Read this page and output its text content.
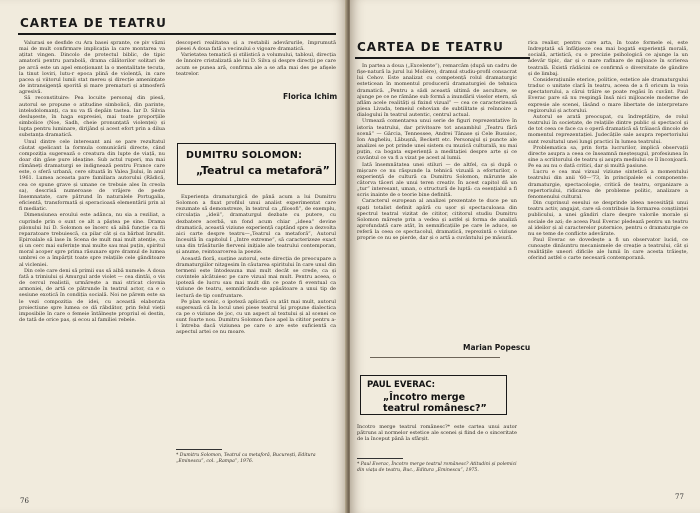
CARTEA DE TEATRU

Valurasi se desfide cu Ara basei sprante, ce piv văzni mai de mult confirmare implicația la care montarea va ațitat vingen. Dincolo de protectul biblic, de tipic amatorii pentru parabolă, drama călătorilor solitari de pe arcă este un apel emoționant la o mentalitate tecuta, la tinut loviri, lutu-r epoca plină de violență, in care pacea și viitorul lumii stat mereu și direcție amenințate de intransigență sporită și mare prematuri și atmosferă agresivă.

Să reconstituire: Pea locuite personaj din piesă, autorul se propune o atitudine simbolică, din parinte, intelsdolomanți, ca nu va fă depăin tastea. Iar D. Silvia deslușeste, în haga expresiei, mai toate proporțiile simbolice (Noe, Sadh, cheie pronunțată violenței) și lupta pentru luminare, dirijând și acest efort prin a dilua substanța dramatică.

Unul dintre cele interesant ani se pare rezultatul căutat spelicant la formula comunicării directe, când compoziția sugerează o creatura din lupte de viață, nu doar din găse pure ideaține. Sub actul ruperi, ma mai rămâneți dramaturgi se indignează pentru France care este, o sferă urbană, cere situată în Valea Jiului, în anul 1961. Lumea aceasta pare familiara autorului (Rădică, cea ce spune grave și umane ce trebuie ales în creola sa), descrisă numeroase de vrăjere de peste însemnatate, care pătrund în naturalele Portugalia, eficientă, transformată și speracioasă elementării prin al fi mediatic.

Dimensiunea eroului este adânca, nu sia a reziliat, a cuprinde prin o sunt ce alt a păștea pe sine. Drama pilonului lui D. Solomon se încerc să aibă funcție ca fii reparatoare trebuiescă, ca pilar cât și ca bărbat înrudit. Epiroalale să lase în Scena de mult mai mult atenție, ca și un cerc mai suferințe mai multe sau mai puțin, spiritul moral acoper spre prima răsunare spre dramul de lumea umbrei ce a împărțit toate spre relațiile cele gânditoare al vicleniei.

Din cele care deni să primii sus să aibă numele: A doua fată a trimiului și Amurgul arde violet — cea dintâi, o vis de cercul realistii, urmărește a mai stricat clovnia armoniei, de artă ce pătrunde în teatrul actor, ca e o sesiune exotică în condiția socială. Noi ne părem este sa le vezi compozitia de idei, cu această elaborata proiectiune spre lumea ce dă răbdător, prin felul vieții imposibile în care o femeie întâlnește propriul ei destin, de tată de orice pas, și ecou al familiei rebele.

descoperi realitatea și a restabili adevărurile, împrumută piesei A doua fată a vecinului o vigoare dramatică.

Varietatea tematică și stilistică a volumului, tabloul, direcția de înnoire cristalizată ale lui D. Silva și despre direcții pe care acum se punea ară, confirma ale a se afla mai des pe afișele teatrelor.

Florica Ichim
DUMITRU SOLOMON:
„Teatrul ca metaforă”

Experiența dramaturgică de până acum a lui Dumitru Solomon a fixat profilul unui analist experimentat care rezumate să demonstreze, în teatrul ca „filosofi”, de exemplu, circulația „ideii”, dramaturgul dezbate cu putere, cu dezbatere acerbă, un fond acum chiar „ideea” devine dramatică, această viziune experiență captând spre a dezvolta aici carte despre teatru—„Teatrul ca metaforă”, Autorul înceuită în capitolul I „Intre extreme”, să caracterizeze exact una din trăsăturile fierveni inițiale ale teatrului contemporan, și anume, reintoarcerea la poezie.

Această fiorâ, susține autorul, este direcția de preocupare a dramaturgiilor nitzgesim în căutarea spiritului în care unul din termeni este întodeauna mai mult decât se crede, ca și cuvintele alcătuiesc pe care vizual mai mult. Pentru aceea, o ipoteză de lucru sau mai mult din ce poate fi eventual ca viziune de teatru, semnificându-se apăsătoare a unui tip de lectură de tip confruntare.

Pe plan scenic, o ipoteză aplicată cu atât mai mult, autorul sugerează că în locul unei piese teatrul își propune dialectica ca pe o viziune de joc, cu un aspect al textului și al scenei ce sunt foarte nou. Dumitru Solomon face apel la cititor pentru a-l întreba dacă viziunea pe care o are este suficientă ca aspectul artei ce nu moare.

* Dumitru Solomon, Teatrul ca metaforă, București, Editura „Eminescu”, col. „Rampa”, 1976.
76
CARTEA DE TEATRU

In partea a doua („Excelente”), remarcăm (după un cadru de fișe-natură la jurul lui Molière), dramul studiu-profil consacrat lui Cehov. Este analizat cu competență rolul dramaturgic esteticean în momentul producerii dramaturgiei de tehnica dramatică. „Pentru a sădi această ultimă de ascultare, se ajunge pe ce ne rămâne sub formă a inundării viselor etern, să aflăm acele realități și fixind vizual” — cea ce caracterizează piesa Livada, temeiul cehovian de subtilitate și reînnoire a dialogului în teatrul autentic, centrul actual.

Urmează comentarea unui serie de figuri reprezentative în istoria teatrului, dar privitoare tot ansamblul „Teatru fără scenă” — Gârcia, Tennessee, Andrei Tănase și Cele Busuioc, Ion Angheliu, Lăbușnă, Beckett etc. Personajul și puncte ale analizei se pot prinde unei sistem cu muzică culturală, nu mai puțin, ca bogata experiență a meditației despre arte și ce cuvântul ce va fi a vizat pe acest al lumii.

Iată însemnătatea unei stiluri — de altfel, ca și după o mișcare ce nu răspunde la tehnică vizuală a eforturilor, o experiență de cultură ca Dumitru Solomon, mărunte ale câtorva tăceri ale unui teren creativ. În acest capitol dă un „tur” interesant, uman, o structură de luptă: ca esențialul a fi scris inainte de o teorie bine definită.

Caracterul european al analizei prezentate te duce pe un spați totalist definit apără cu ușor și spectaculoasa din spectrul teatral vizitat de cititor, cititorul studiu Dumitru Solomon mărește prin a vedea și astfel și forma de analiză aprofundată care atât, în semnificațiile pe care le aduce, se referă la ceea ce spectacolul, dramatică, reprezintă o viziune proprie ce nu se pierde, dar și o artă a cuvântului pe măsură.

Marian Popescu
PAUL EVERAC:
„Încotro merge
teatrul românesc?”

Încotro merge teatrul românesc?* este cartea unui autor pătruns al normelor estetice ale scenei și fiind de o sinceritate de la început până la sfârșit.

* Paul Everac, Încotro merge teatrul românesc? Atitudini și polemici din viața de teatru, Buc., Editura „Eminescu”, 1975.

rica realisr, pentru care arta, în toate formele ei, este îndreptată să înfățișeze cea mai bogată experiență morală, socială, artistică, cu o precizie psihologică ce ajunge la un adevăr tipic, dar și o mare rafinare de mijloace în scrierea teatrală. Există rădăcini ce confirmă o diversitate de gândire și de limbaj.

Considerațiunile eterice, politice, estetice ale dramaturgului traduc o unitate clară în teatru, aceea de a fi oricum la voia spectatorului, a cărui trăire se poate regăsi în cuvânt. Paul Everac pare să nu respingă însă nici mijloacele moderne de expresie ale scenei, lăsând o mare libertate de interpretare regizorului și actorului.

Autorul se arată preocupat, cu îndreptățire, de rolul teatrului în societate, de relațiile dintre public și spectacol și de tot ceea ce face ca o operă dramatică să trăiască dincolo de momentul reprezentației. Judecățile sale asupra repertoriului sunt rezultatul unei lungi practici în lumea teatrului.

Problematica sa, prin forța lucrurilor, implică observații directe asupra a ceea ce înseamnă meșteșugul, profesiunea în sine a scriitorului de teatru și asupra mediului ce îl înconjoară. Pe ea au nu o dată critici, dar și multă pasiune.

Lucru e cea mai vizual viziune sintetică a momentului teatrului din anii '60—'73, în principalele ei componente: dramaturgie, spectacologie, critică de teatru, organizare a repertoriului, ridicarea de probleme politic, analizare a fenomenului cultural.

Din cuprinsul eseului se desprinde ideea necesității unui teatru activ, angajat, care să contribuie la formarea conștiinței publicului, a unei gândiri clare despre valorile morale și sociale de azi; de aceea Paul Everac pledează pentru un teatru al ideilor și al caracterelor puternice, pentru o dramaturgie ce nu se teme de conflicte adevărate.

Paul Everac se dovedește a fi un observator lucid, ce cunoaște dinăuntru mecanismele de creație a teatrului, cât și realitățile uneori dificile ale lumii în care acesta trăiește, oferind astfel o carte necesară contemporană.

77
